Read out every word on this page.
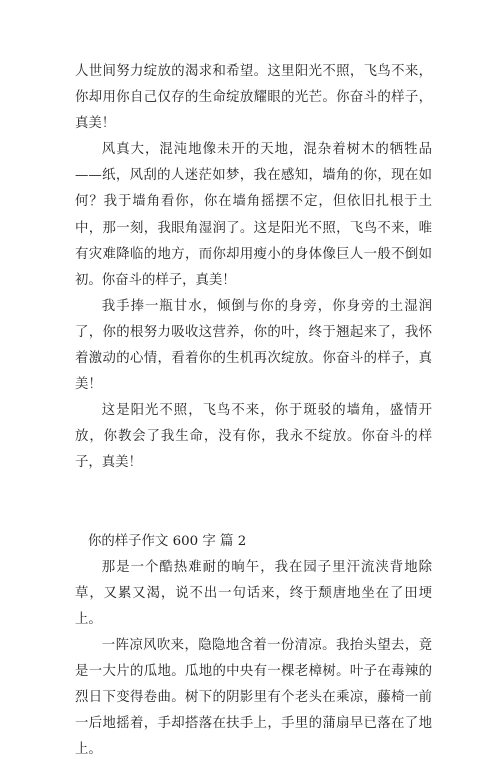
人世间努力绽放的渴求和希望。这里阳光不照，飞鸟不来，你却用你自己仅存的生命绽放耀眼的光芒。你奋斗的样子，真美！

风真大，混沌地像未开的天地，混杂着树木的牺牲品——纸，风刮的人迷茫如梦，我在感知，墙角的你，现在如何？我于墙角看你，你在墙角摇摆不定，但依旧扎根于土中，那一刻，我眼角湿润了。这是阳光不照，飞鸟不来，唯有灾难降临的地方，而你却用瘦小的身体像巨人一般不倒如初。你奋斗的样子，真美！

我手捧一瓶甘水，倾倒与你的身旁，你身旁的土湿润了，你的根努力吸收这营养，你的叶，终于翘起来了，我怀着激动的心情，看着你的生机再次绽放。你奋斗的样子，真美！

这是阳光不照，飞鸟不来，你于斑驳的墙角，盛情开放，你教会了我生命，没有你，我永不绽放。你奋斗的样子，真美！

你的样子作文 600 字 篇 2

那是一个酷热难耐的晌午，我在园子里汗流浃背地除草，又累又渴，说不出一句话来，终于颓唐地坐在了田埂上。

一阵凉风吹来，隐隐地含着一份清凉。我抬头望去，竟是一大片的瓜地。瓜地的中央有一棵老樟树。叶子在毒辣的烈日下变得卷曲。树下的阴影里有个老头在乘凉，藤椅一前一后地摇着，手却搭落在扶手上，手里的蒲扇早已落在了地上。
